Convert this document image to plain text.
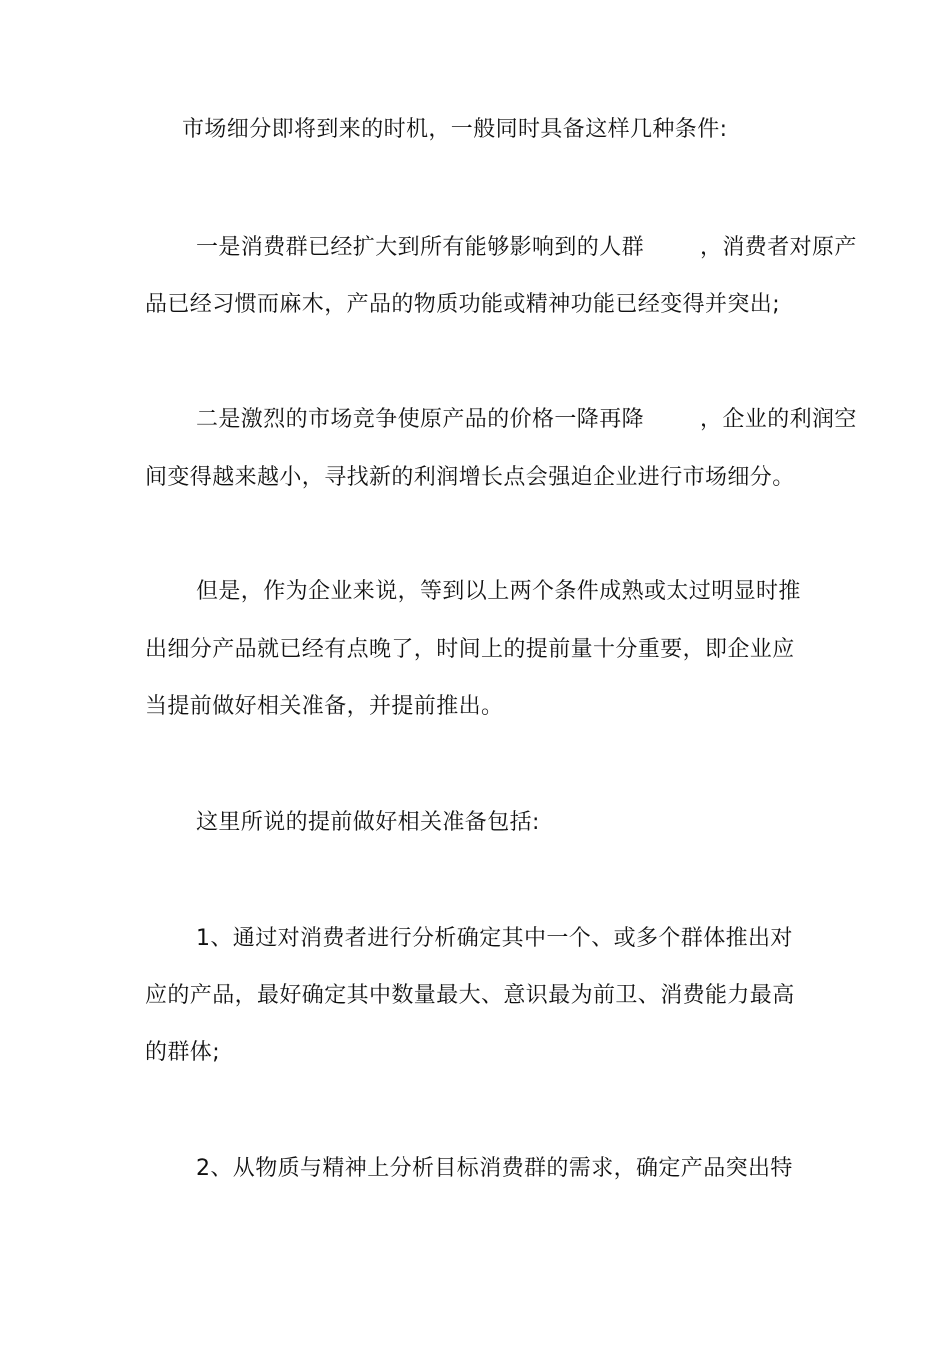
市场细分即将到来的时机，一般同时具备这样几种条件:
一是消费群已经扩大到所有能够影响到的人群	，消费者对原产
品已经习惯而麻木，产品的物质功能或精神功能已经变得并突出;
二是激烈的市场竞争使原产品的价格一降再降	，企业的利润空
间变得越来越小，寻找新的利润增长点会强迫企业进行市场细分。
但是，作为企业来说，等到以上两个条件成熟或太过明显时推
出细分产品就已经有点晚了，时间上的提前量十分重要，即企业应
当提前做好相关准备，并提前推出。
这里所说的提前做好相关准备包括:
1、通过对消费者进行分析确定其中一个、或多个群体推出对
应的产品，最好确定其中数量最大、意识最为前卫、消费能力最高
的群体;
2、从物质与精神上分析目标消费群的需求，确定产品突出特
